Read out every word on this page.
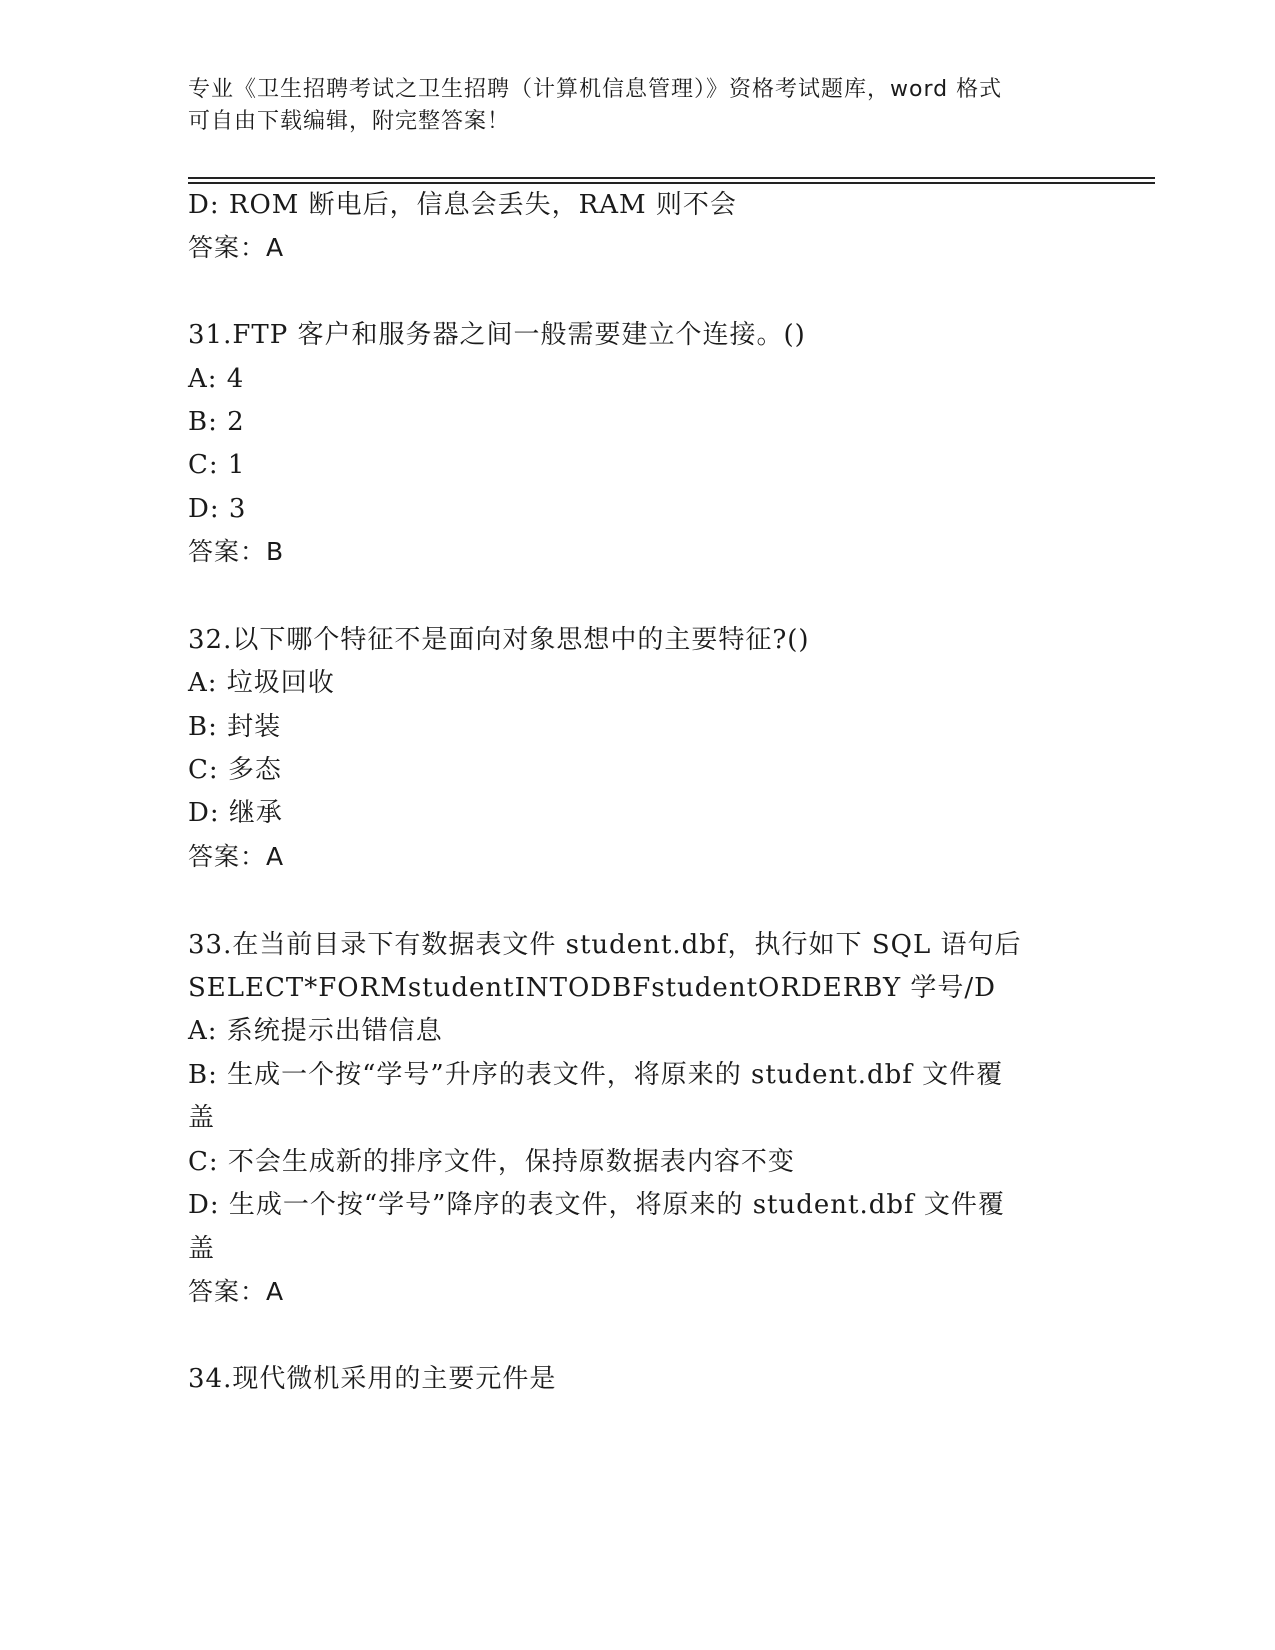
专业《卫生招聘考试之卫生招聘（计算机信息管理）》资格考试题库，word 格式
可自由下载编辑，附完整答案！
D: ROM 断电后，信息会丢失，RAM 则不会
答案：A
31.FTP 客户和服务器之间一般需要建立个连接。()
A: 4
B: 2
C: 1
D: 3
答案：B
32.以下哪个特征不是面向对象思想中的主要特征?()
A: 垃圾回收
B: 封装
C: 多态
D: 继承
答案：A
33.在当前目录下有数据表文件 student.dbf，执行如下 SQL 语句后
SELECT*FORMstudentINTODBFstudentORDERBY 学号/D
A: 系统提示出错信息
B: 生成一个按“学号”升序的表文件，将原来的 student.dbf 文件覆
盖
C: 不会生成新的排序文件，保持原数据表内容不变
D: 生成一个按“学号”降序的表文件，将原来的 student.dbf 文件覆
盖
答案：A
34.现代微机采用的主要元件是
